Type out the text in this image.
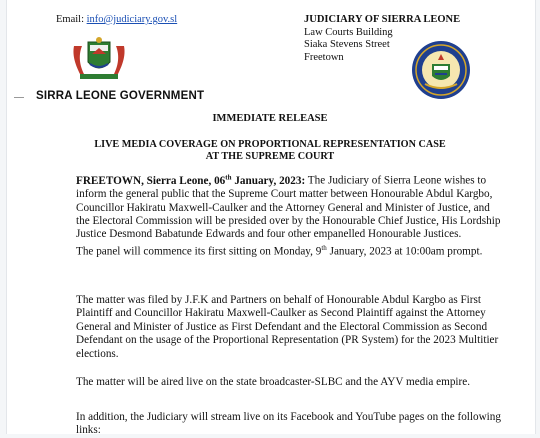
Email: info@judiciary.gov.sl	JUDICIARY OF SIERRA LEONE
Law Courts Building
Siaka Stevens Street
Freetown
SIRRA LEONE GOVERNMENT
IMMEDIATE RELEASE
LIVE MEDIA COVERAGE ON PROPORTIONAL REPRESENTATION CASE
AT THE SUPREME COURT

FREETOWN, Sierra Leone, 06th January, 2023: The Judiciary of Sierra Leone wishes to inform the general public that the Supreme Court matter between Honourable Abdul Kargbo, Councillor Hakiratu Maxwell-Caulker and the Attorney General and Minister of Justice, and the Electoral Commission will be presided over by the Honourable Chief Justice, His Lordship Justice Desmond Babatunde Edwards and four other empanelled Honourable Justices.

The panel will commence its first sitting on Monday, 9th January, 2023 at 10:00am prompt.

The matter was filed by J.F.K and Partners on behalf of Honourable Abdul Kargbo as First Plaintiff and Councillor Hakiratu Maxwell-Caulker as Second Plaintiff against the Attorney General and Minister of Justice as First Defendant and the Electoral Commission as Second Defendant on the usage of the Proportional Representation (PR System) for the 2023 Multitier elections.

The matter will be aired live on the state broadcaster-SLBC and the AYV media empire.

In addition, the Judiciary will stream live on its Facebook and YouTube pages on the following links:
